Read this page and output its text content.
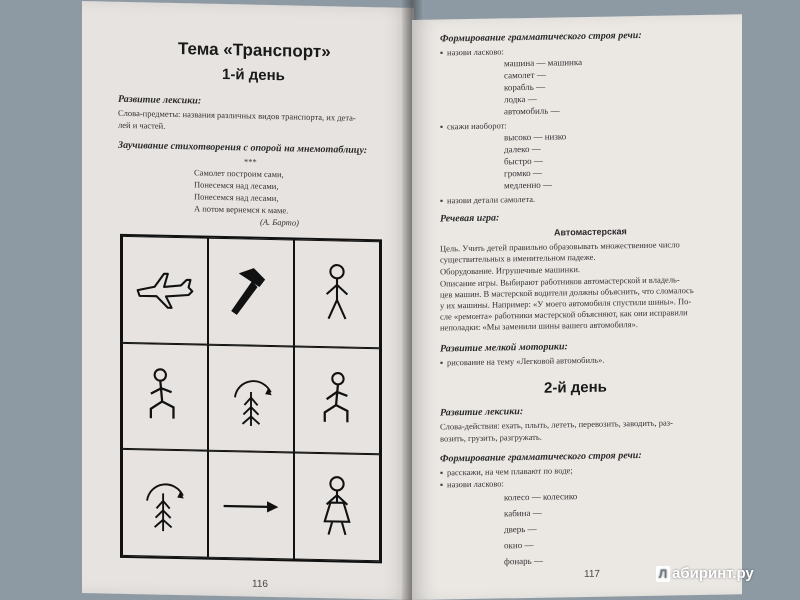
Тема «Транспорт»
1-й день
Развитие лексики:
Слова-предметы: названия различных видов транспорта, их дета-
лей и частей.
Заучивание стихотворения с опорой на мнемотаблицу:
***
Самолет построим сами,
Понесемся над лесами,
Понесемся над лесами,
А потом вернемся к маме.
(А. Барто)
116
Формирование грамматического строя речи:
▪ назови ласково:
машина — машинка
самолет —
корабль —
лодка —
автомобиль —
▪ скажи наоборот:
высоко — низко
далеко —
быстро —
громко —
медленно —
▪ назови детали самолета.
Речевая игра:
Автомастерская
Цель. Учить детей правильно образовывать множественное число
существительных в именительном падеже.
Оборудование. Игрушечные машинки.
Описание игры. Выбирают работников автомастерской и владель-
цев машин. В мастерской водители должны объяснить, что сломалось
у их машины. Например: «У моего автомобиля спустили шины». По-
сле «ремонта» работники мастерской объясняют, как они исправили
неполадки: «Мы заменили шины вашего автомобиля».
Развитие мелкой моторики:
▪ рисование на тему «Легковой автомобиль».
2-й день
Развитие лексики:
Слова-действия: ехать, плыть, лететь, перевозить, заводить, раз-
возить, грузить, разгружать.
Формирование грамматического строя речи:
▪ расскажи, на чем плавают по воде;
▪ назови ласково:
колесо — колесико
кабина —
дверь —
окно —
фонарь —
117	Л абиринт.ру
